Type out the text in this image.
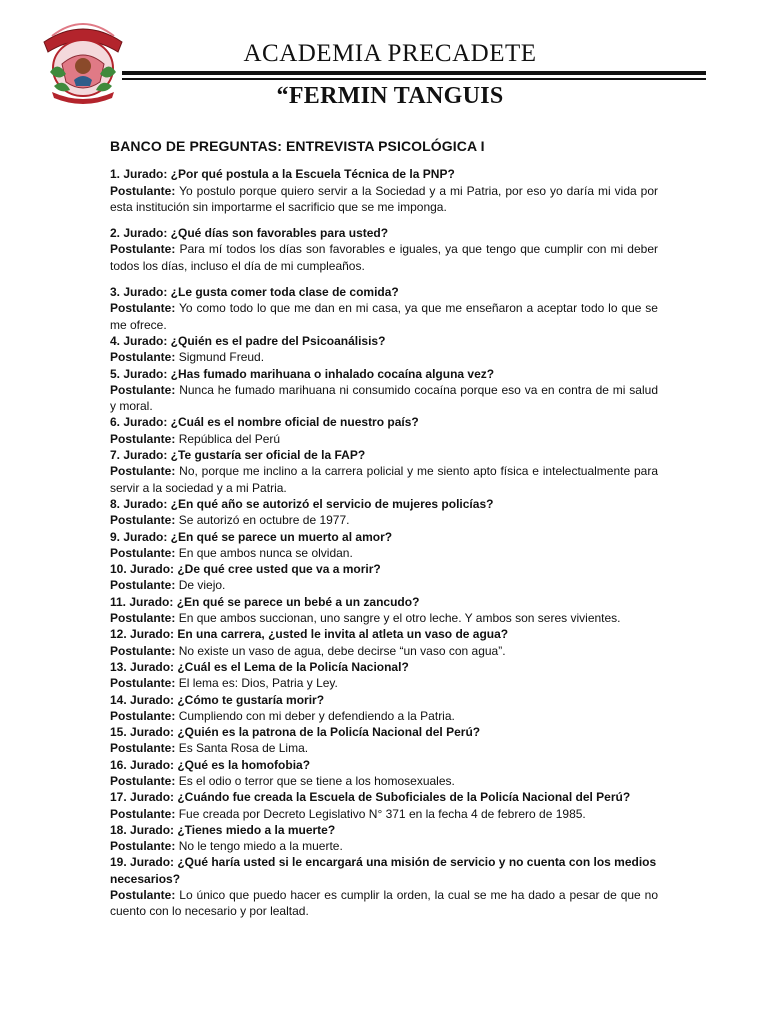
ACADEMIA PRECADETE
“FERMIN TANGUIS
BANCO DE PREGUNTAS: ENTREVISTA PSICOLÓGICA I
1. Jurado: ¿Por qué postula a la Escuela Técnica de la PNP?
Postulante: Yo postulo porque quiero servir a la Sociedad y a mi Patria, por eso yo daría mi vida por esta institución sin importarme el sacrificio que se me imponga.
2. Jurado: ¿Qué días son favorables para usted?
Postulante: Para mí todos los días son favorables e iguales, ya que tengo que cumplir con mi deber todos los días, incluso el día de mi cumpleaños.
3. Jurado: ¿Le gusta comer toda clase de comida?
Postulante: Yo como todo lo que me dan en mi casa, ya que me enseñaron a aceptar todo lo que se me ofrece.
4. Jurado: ¿Quién es el padre del Psicoanálisis?
Postulante: Sigmund Freud.
5. Jurado: ¿Has fumado marihuana o inhalado cocaína alguna vez?
Postulante: Nunca he fumado marihuana ni consumido cocaína porque eso va en contra de mi salud y moral.
6. Jurado: ¿Cuál es el nombre oficial de nuestro país?
Postulante: República del Perú
7. Jurado: ¿Te gustaría ser oficial de la FAP?
Postulante: No, porque me inclino a la carrera policial y me siento apto física e intelectualmente para servir a la sociedad y a mi Patria.
8. Jurado: ¿En qué año se autorizó el servicio de mujeres policías?
Postulante: Se autorizó en octubre de 1977.
9. Jurado: ¿En qué se parece un muerto al amor?
Postulante: En que ambos nunca se olvidan.
10. Jurado: ¿De qué cree usted que va a morir?
Postulante: De viejo.
11. Jurado: ¿En qué se parece un bebé a un zancudo?
Postulante: En que ambos succionan, uno sangre y el otro leche. Y ambos son seres vivientes.
12. Jurado: En una carrera, ¿usted le invita al atleta un vaso de agua?
Postulante: No existe un vaso de agua, debe decirse “un vaso con agua”.
13. Jurado: ¿Cuál es el Lema de la Policía Nacional?
Postulante: El lema es: Dios, Patria y Ley.
14. Jurado: ¿Cómo te gustaría morir?
Postulante: Cumpliendo con mi deber y defendiendo a la Patria.
15. Jurado: ¿Quién es la patrona de la Policía Nacional del Perú?
Postulante: Es Santa Rosa de Lima.
16. Jurado: ¿Qué es la homofobia?
Postulante: Es el odio o terror que se tiene a los homosexuales.
17. Jurado: ¿Cuándo fue creada la Escuela de Suboficiales de la Policía Nacional del Perú?
Postulante: Fue creada por Decreto Legislativo N° 371 en la fecha 4 de febrero de 1985.
18. Jurado: ¿Tienes miedo a la muerte?
Postulante: No le tengo miedo a la muerte.
19. Jurado: ¿Qué haría usted si le encargará una misión de servicio y no cuenta con los medios necesarios?
Postulante: Lo único que puedo hacer es cumplir la orden, la cual se me ha dado a pesar de que no cuento con lo necesario y por lealtad.
